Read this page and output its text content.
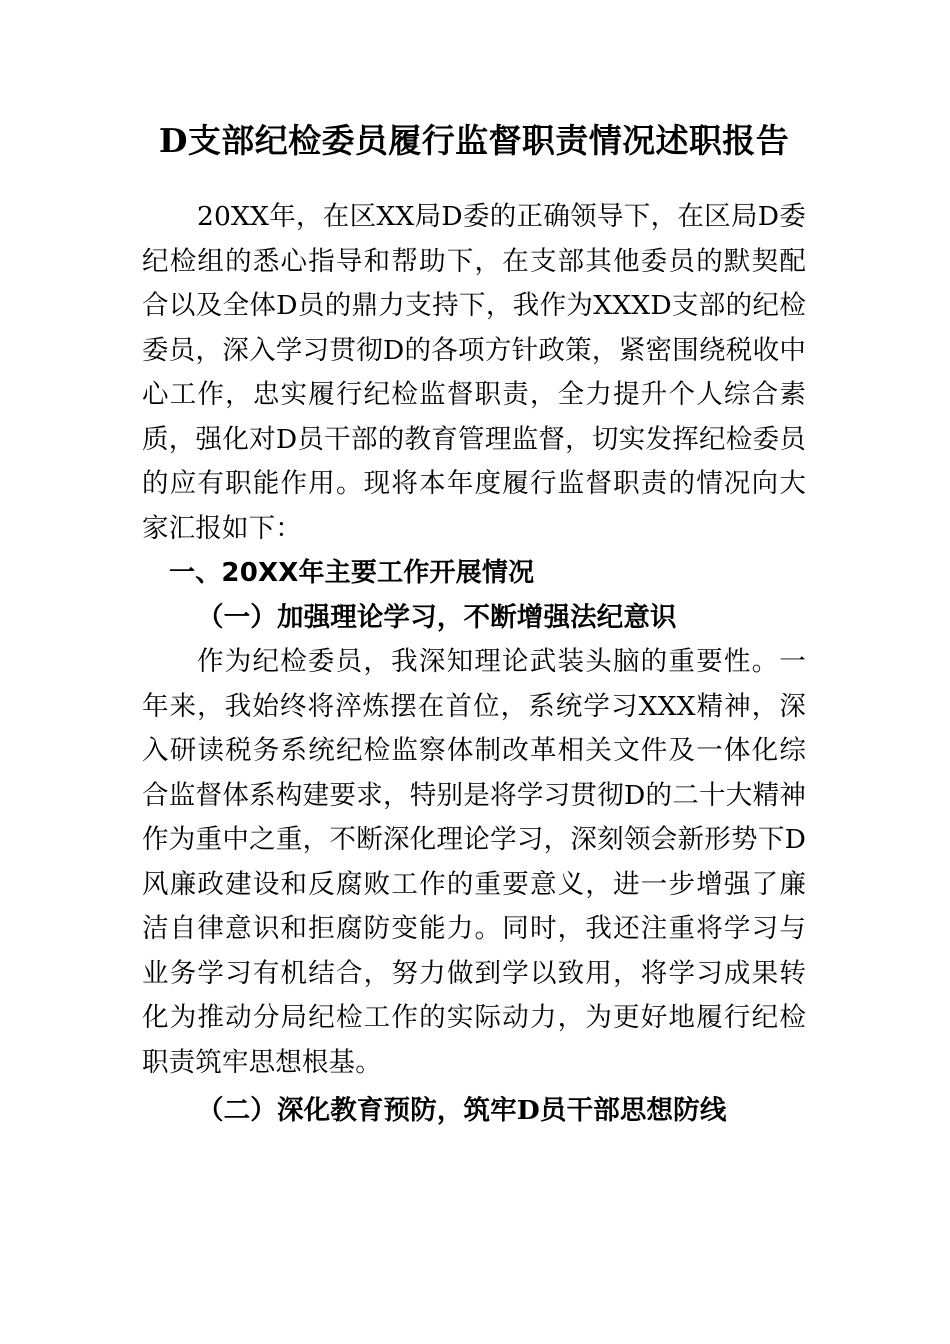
D支部纪检委员履行监督职责情况述职报告

20XX年，在区XX局D委的正确领导下，在区局D委纪检组的悉心指导和帮助下，在支部其他委员的默契配合以及全体D员的鼎力支持下，我作为XXXD支部的纪检委员，深入学习贯彻D的各项方针政策，紧密围绕税收中心工作，忠实履行纪检监督职责，全力提升个人综合素质，强化对D员干部的教育管理监督，切实发挥纪检委员的应有职能作用。现将本年度履行监督职责的情况向大家汇报如下：

一、20XX年主要工作开展情况
（一）加强理论学习，不断增强法纪意识

作为纪检委员，我深知理论武装头脑的重要性。一年来，我始终将淬炼摆在首位，系统学习XXX精神，深入研读税务系统纪检监察体制改革相关文件及一体化综合监督体系构建要求，特别是将学习贯彻D的二十大精神作为重中之重，不断深化理论学习，深刻领会新形势下D风廉政建设和反腐败工作的重要意义，进一步增强了廉洁自律意识和拒腐防变能力。同时，我还注重将学习与业务学习有机结合，努力做到学以致用，将学习成果转化为推动分局纪检工作的实际动力，为更好地履行纪检职责筑牢思想根基。

（二）深化教育预防，筑牢D员干部思想防线
